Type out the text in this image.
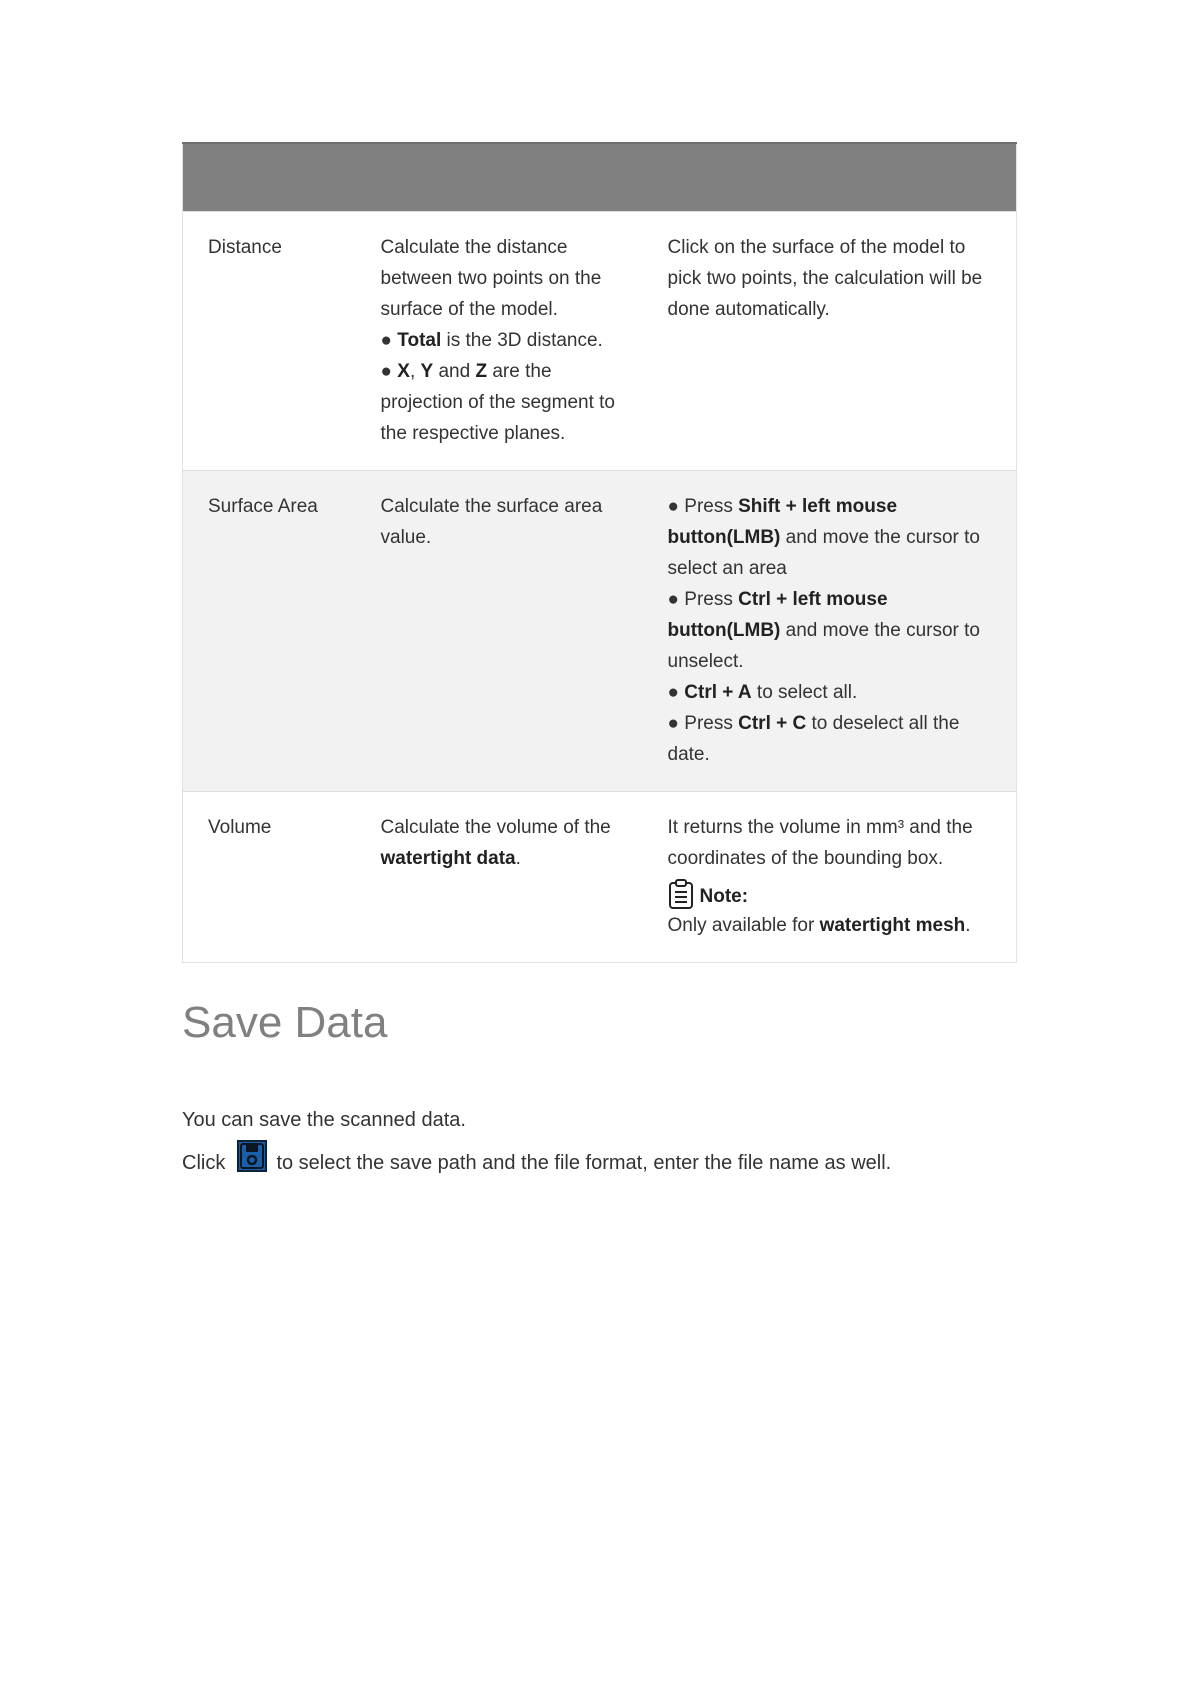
Distance	Calculate the distance between two points on the surface of the model.
● Total is the 3D distance.
● X, Y and Z are the projection of the segment to the respective planes.	Click on the surface of the model to pick two points, the calculation will be done automatically.
Surface Area	Calculate the surface area value.	● Press Shift + left mouse button(LMB) and move the cursor to select an area
● Press Ctrl + left mouse button(LMB) and move the cursor to unselect.
● Ctrl + A to select all.
● Press Ctrl + C to deselect all the date.
Volume	Calculate the volume of the watertight data.	It returns the volume in mm³ and the coordinates of the bounding box.
Note:
Only available for watertight mesh.
Save Data
You can save the scanned data.
Click  to select the save path and the file format, enter the file name as well.
